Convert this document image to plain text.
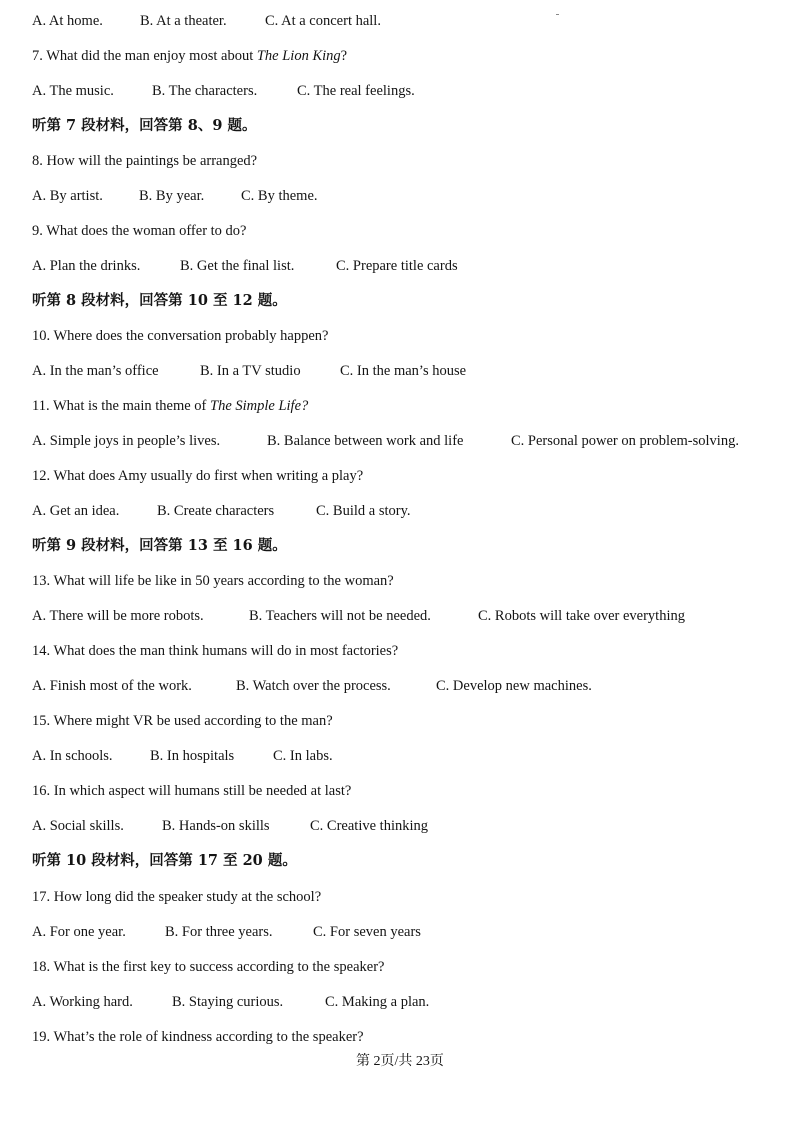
A. At home.	B. At a theater.	C. At a concert hall.
7. What did the man enjoy most about The Lion King?
A. The music.	B. The characters.	C. The real feelings.
听第 7 段材料，回答第 8、9 题。
8. How will the paintings be arranged?
A. By artist. B. By year.	C. By theme.
9. What does the woman offer to do?
A. Plan the drinks.	B. Get the final list.	C. Prepare title cards
听第 8 段材料，回答第 10 至 12 题。
10. Where does the conversation probably happen?
A. In the man’s office	B. In a TV studio	C. In the man’s house
11. What is the main theme of The Simple Life?
A. Simple joys in people’s lives.	B. Balance between work and life	C. Personal power on problem-solving.
12. What does Amy usually do first when writing a play?
A. Get an idea.	B. Create characters	C. Build a story.
听第 9 段材料，回答第 13 至 16 题。
13. What will life be like in 50 years according to the woman?
A. There will be more robots.	B. Teachers will not be needed.	C. Robots will take over everything
14. What does the man think humans will do in most factories?
A. Finish most of the work.	B. Watch over the process.	C. Develop new machines.
15. Where might VR be used according to the man?
A. In schools.	B. In hospitals	C. In labs.
16. In which aspect will humans still be needed at last?
A. Social skills.	B. Hands-on skills	C. Creative thinking
听第 10 段材料，回答第 17 至 20 题。
17. How long did the speaker study at the school?
A. For one year.	B. For three years.	C. For seven years
18. What is the first key to success according to the speaker?
A. Working hard.	B. Staying curious.	C. Making a plan.
19. What’s the role of kindness according to the speaker?
第 2页/共 23页
